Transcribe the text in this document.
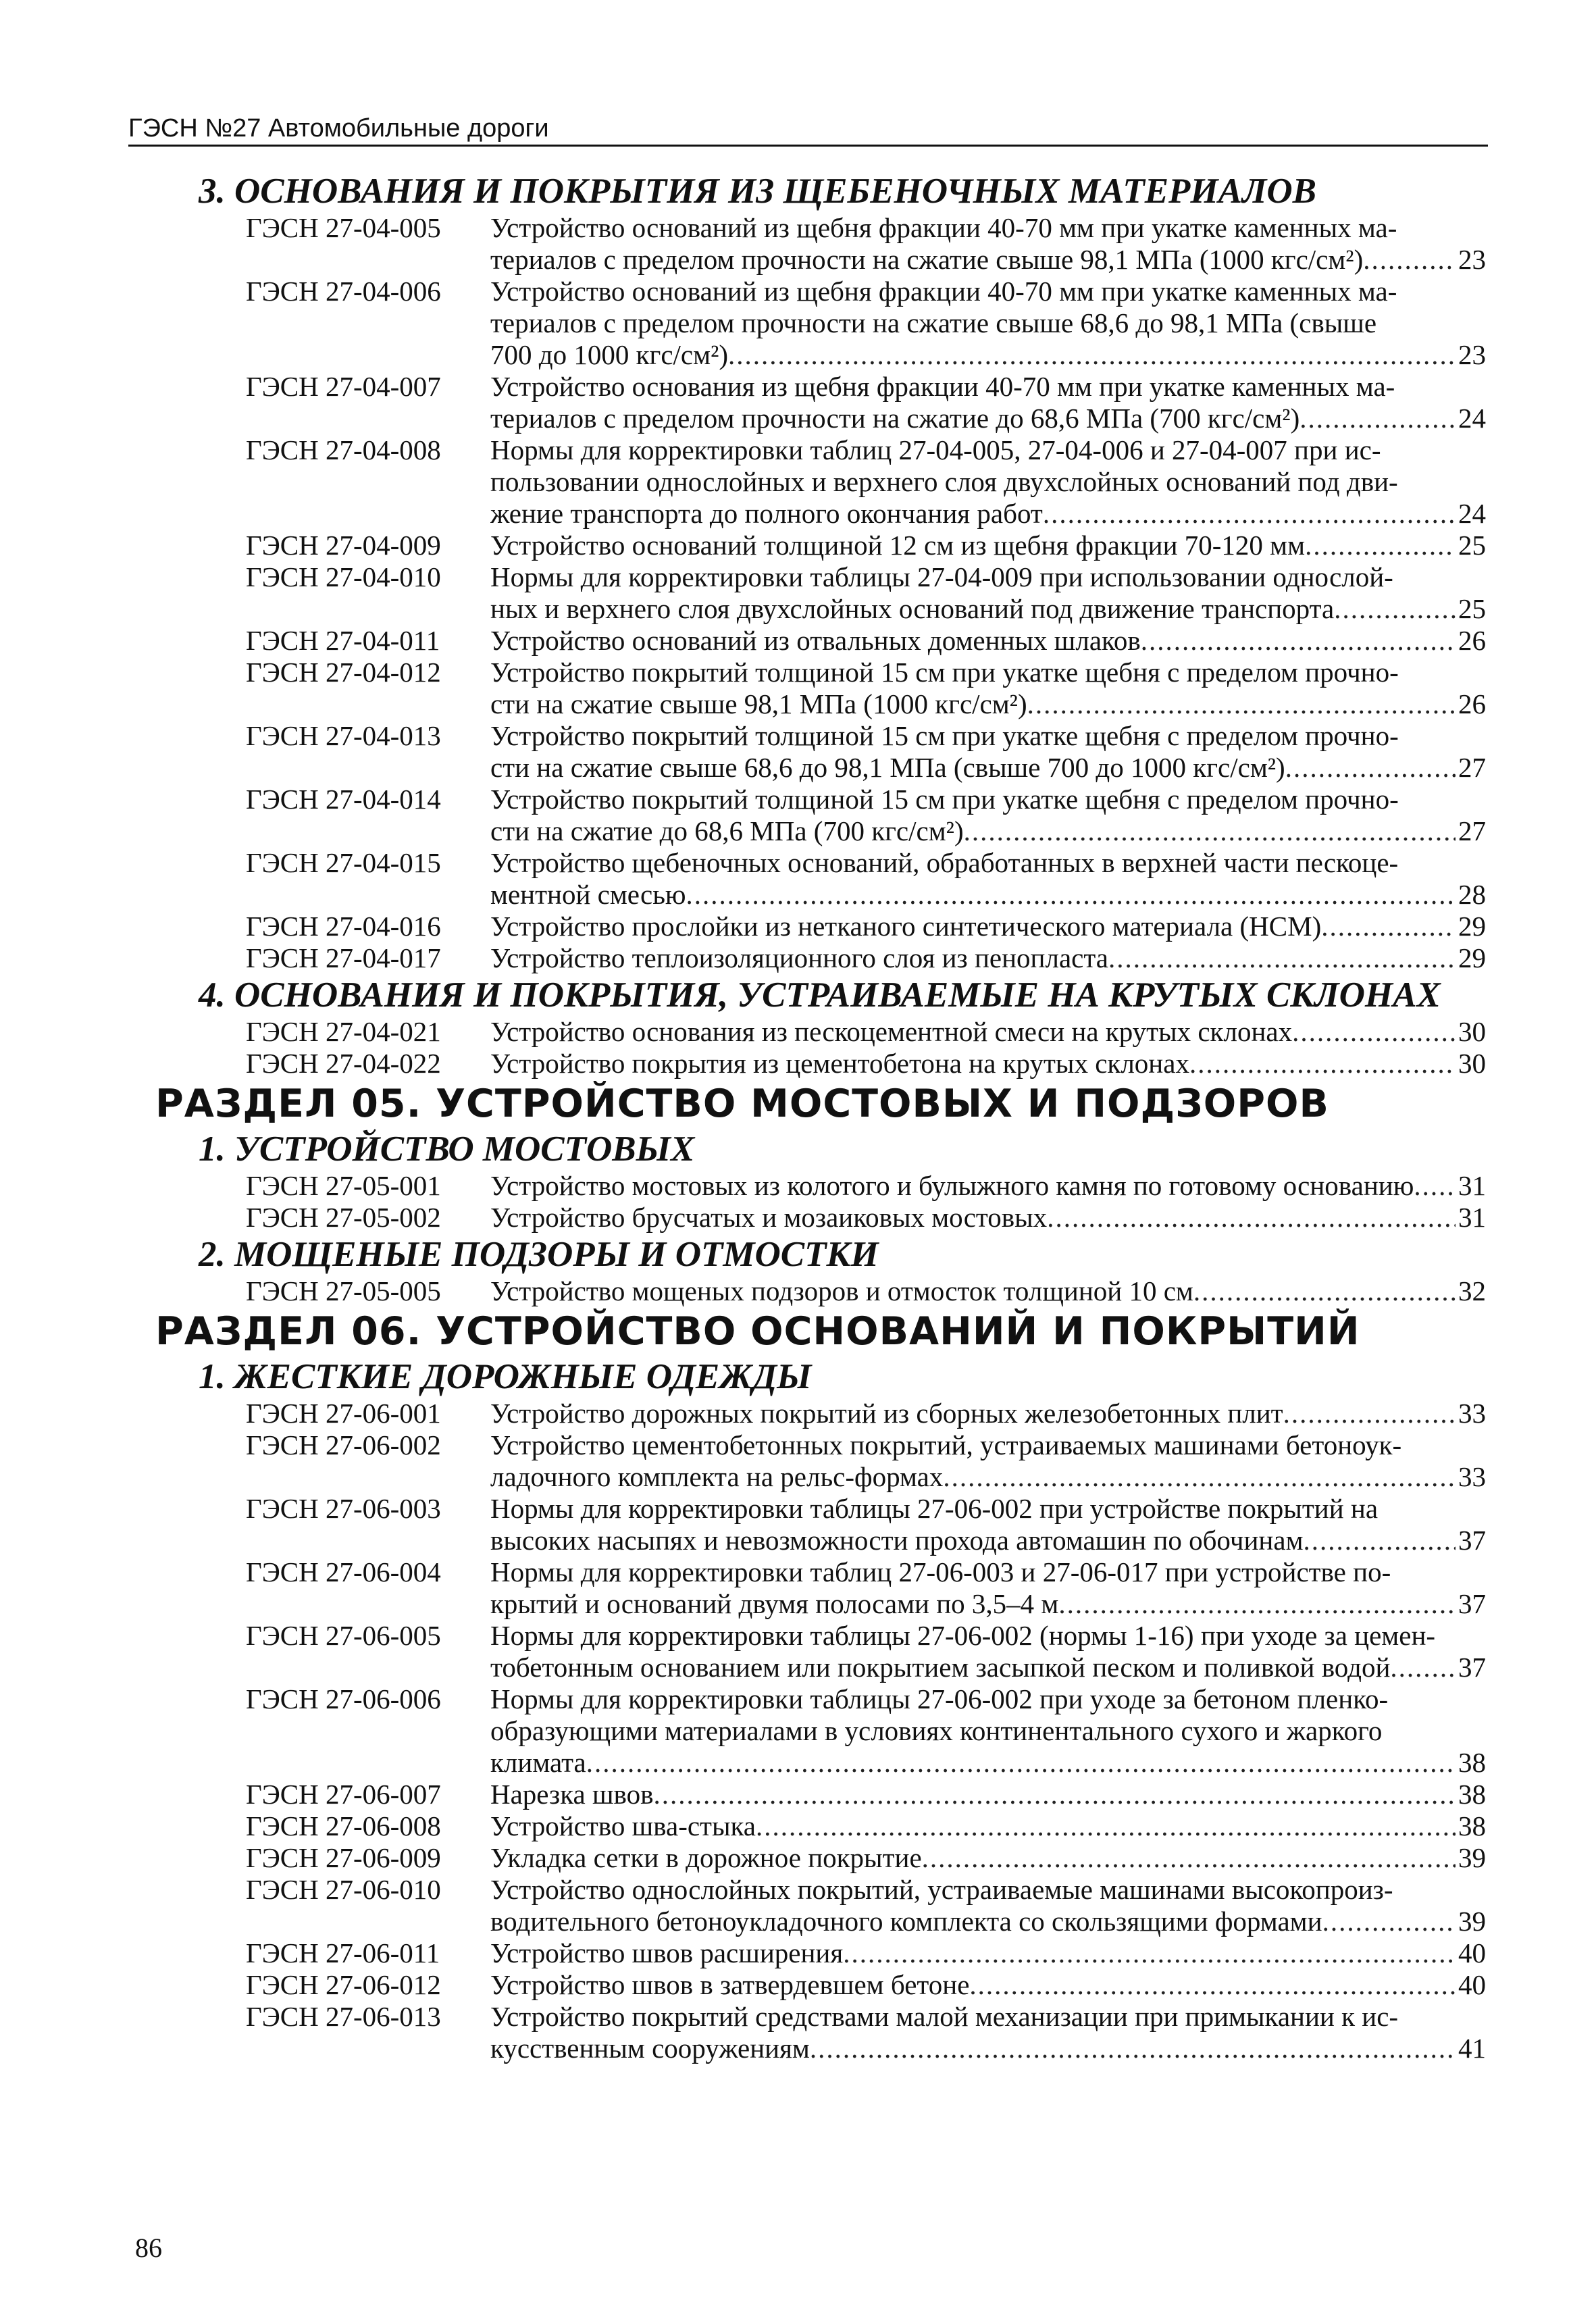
ГЭСН №27 Автомобильные дороги
3. ОСНОВАНИЯ И ПОКРЫТИЯ ИЗ ЩЕБЕНОЧНЫХ МАТЕРИАЛОВ
ГЭСН 27-04-005	Устройство оснований из щебня фракции 40-70 мм при укатке каменных ма-
териалов с пределом прочности на сжатие свыше 98,1 МПа (1000 кгс/см²) .....	23
ГЭСН 27-04-006	Устройство оснований из щебня фракции 40-70 мм при укатке каменных ма-
териалов с пределом прочности на сжатие свыше 68,6 до 98,1 МПа (свыше
700 до 1000 кгс/см²) .....	23
ГЭСН 27-04-007	Устройство основания из щебня фракции 40-70 мм при укатке каменных ма-
териалов с пределом прочности на сжатие до 68,6 МПа (700 кгс/см²) .....	24
ГЭСН 27-04-008	Нормы для корректировки таблиц 27-04-005, 27-04-006 и 27-04-007 при ис-
пользовании однослойных и верхнего слоя двухслойных оснований под дви-
жение транспорта до полного окончания работ .....	24
ГЭСН 27-04-009	Устройство оснований толщиной 12 см из щебня фракции 70-120 мм .....	25
ГЭСН 27-04-010	Нормы для корректировки таблицы 27-04-009 при использовании однослой-
ных и верхнего слоя двухслойных оснований под движение транспорта .....	25
ГЭСН 27-04-011	Устройство оснований из отвальных доменных шлаков .....	26
ГЭСН 27-04-012	Устройство покрытий толщиной 15 см при укатке щебня с пределом прочно-
сти на сжатие свыше 98,1 МПа (1000 кгс/см²) .....	26
ГЭСН 27-04-013	Устройство покрытий толщиной 15 см при укатке щебня с пределом прочно-
сти на сжатие свыше 68,6 до 98,1 МПа (свыше 700 до 1000 кгс/см²) .....	27
ГЭСН 27-04-014	Устройство покрытий толщиной 15 см при укатке щебня с пределом прочно-
сти на сжатие до 68,6 МПа (700 кгс/см²) .....	27
ГЭСН 27-04-015	Устройство щебеночных оснований, обработанных в верхней части пескоце-
ментной смесью .....	28
ГЭСН 27-04-016	Устройство прослойки из нетканого синтетического материала (НСМ) .....	29
ГЭСН 27-04-017	Устройство теплоизоляционного слоя из пенопласта .....	29
4. ОСНОВАНИЯ И ПОКРЫТИЯ, УСТРАИВАЕМЫЕ НА КРУТЫХ СКЛОНАХ
ГЭСН 27-04-021	Устройство основания из пескоцементной смеси на крутых склонах .....	30
ГЭСН 27-04-022	Устройство покрытия из цементобетона на крутых склонах .....	30
РАЗДЕЛ 05. УСТРОЙСТВО МОСТОВЫХ И ПОДЗОРОВ
1. УСТРОЙСТВО МОСТОВЫХ
ГЭСН 27-05-001	Устройство мостовых из колотого и булыжного камня по готовому основанию ..... 31
ГЭСН 27-05-002	Устройство брусчатых и мозаиковых мостовых .....	31
2. МОЩЕНЫЕ ПОДЗОРЫ И ОТМОСТКИ
ГЭСН 27-05-005	Устройство мощеных подзоров и отмосток толщиной 10 см .....	32
РАЗДЕЛ 06. УСТРОЙСТВО ОСНОВАНИЙ И ПОКРЫТИЙ
1. ЖЕСТКИЕ ДОРОЖНЫЕ ОДЕЖДЫ
ГЭСН 27-06-001	Устройство дорожных покрытий из сборных железобетонных плит .....	33
ГЭСН 27-06-002	Устройство цементобетонных покрытий, устраиваемых машинами бетоноук-
ладочного комплекта на рельс-формах .....	33
ГЭСН 27-06-003	Нормы для корректировки таблицы 27-06-002 при устройстве покрытий на
высоких насыпях и невозможности прохода автомашин по обочинам .....	37
ГЭСН 27-06-004	Нормы для корректировки таблиц 27-06-003 и 27-06-017 при устройстве по-
крытий и оснований двумя полосами по 3,5–4 м .....	37
ГЭСН 27-06-005	Нормы для корректировки таблицы 27-06-002 (нормы 1-16) при уходе за цемен-
тобетонным основанием или покрытием засыпкой песком и поливкой водой ..... 37
ГЭСН 27-06-006	Нормы для корректировки таблицы 27-06-002 при уходе за бетоном пленко-
образующими материалами в условиях континентального сухого и жаркого
климата .....	38
ГЭСН 27-06-007	Нарезка швов .....	38
ГЭСН 27-06-008	Устройство шва-стыка .....	38
ГЭСН 27-06-009	Укладка сетки в дорожное покрытие .....	39
ГЭСН 27-06-010	Устройство однослойных покрытий, устраиваемые машинами высокопроиз-
водительного бетоноукладочного комплекта со скользящими формами .....	39
ГЭСН 27-06-011	Устройство швов расширения .....	40
ГЭСН 27-06-012	Устройство швов в затвердевшем бетоне .....	40
ГЭСН 27-06-013	Устройство покрытий средствами малой механизации при примыкании к ис-
кусственным сооружениям .....	41
86
